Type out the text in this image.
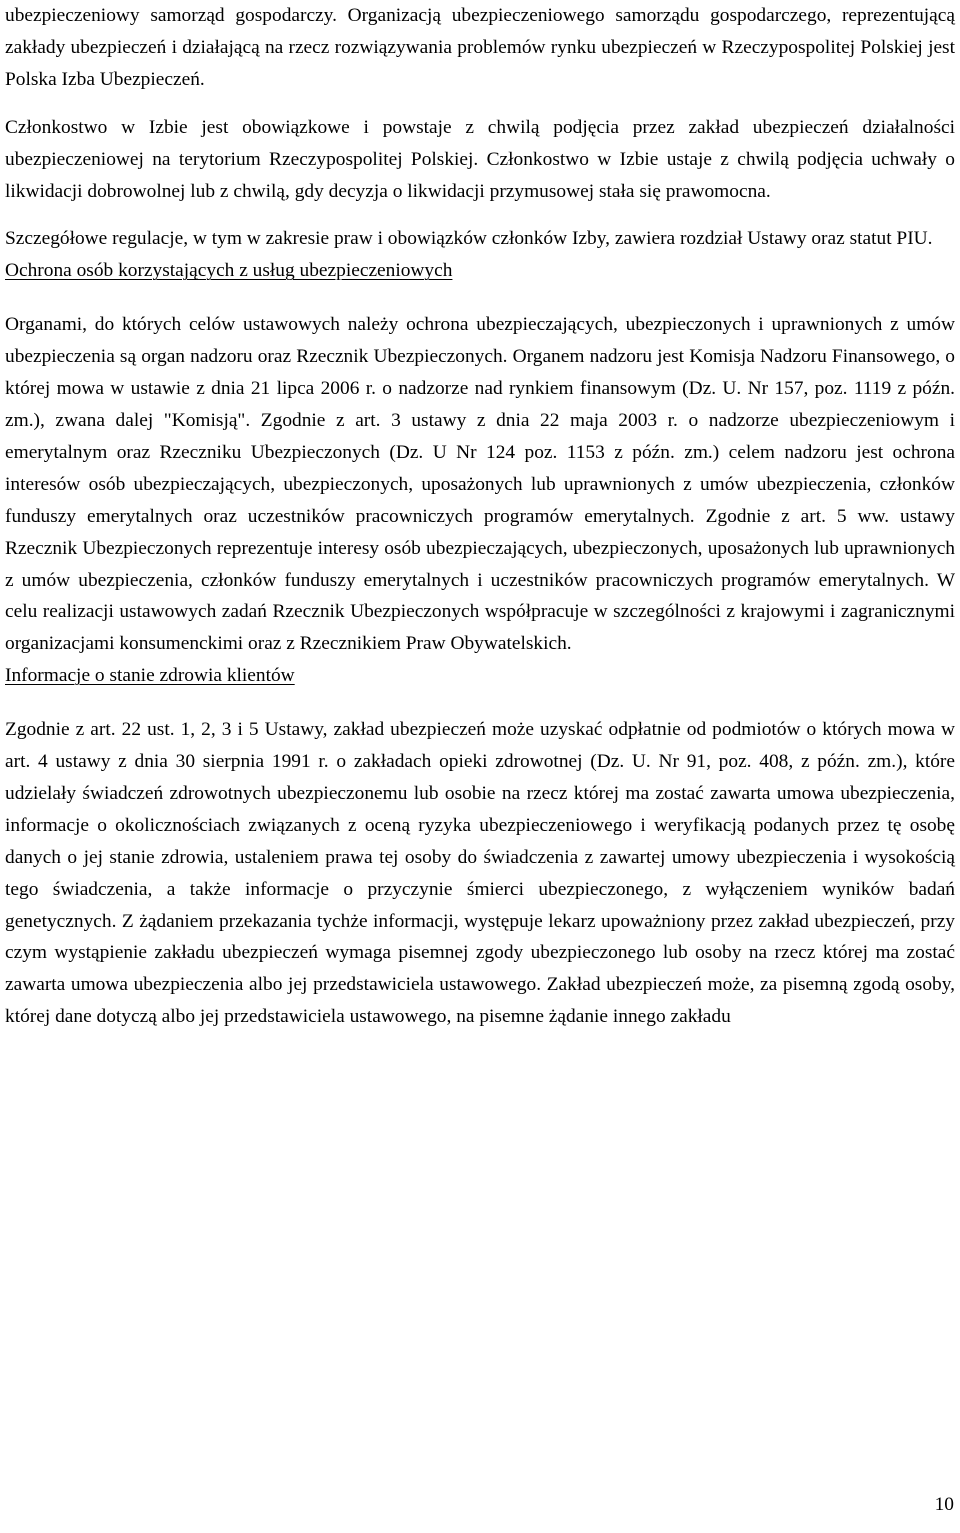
ubezpieczeniowy samorząd gospodarczy. Organizacją ubezpieczeniowego samorządu gospodarczego, reprezentującą zakłady ubezpieczeń i działającą na rzecz rozwiązywania problemów rynku ubezpieczeń w Rzeczypospolitej Polskiej jest Polska Izba Ubezpieczeń.

Członkostwo w Izbie jest obowiązkowe i powstaje z chwilą podjęcia przez zakład ubezpieczeń działalności ubezpieczeniowej na terytorium Rzeczypospolitej Polskiej. Członkostwo w Izbie ustaje z chwilą podjęcia uchwały o likwidacji dobrowolnej lub z chwilą, gdy decyzja o likwidacji przymusowej stała się prawomocna.

Szczegółowe regulacje, w tym w zakresie praw i obowiązków członków Izby, zawiera rozdział Ustawy oraz statut PIU.

Ochrona osób korzystających z usług ubezpieczeniowych

Organami, do których celów ustawowych należy ochrona ubezpieczających, ubezpieczonych i uprawnionych z umów ubezpieczenia są organ nadzoru oraz Rzecznik Ubezpieczonych. Organem nadzoru jest Komisja Nadzoru Finansowego, o której mowa w ustawie z dnia 21 lipca 2006 r. o nadzorze nad rynkiem finansowym (Dz. U. Nr 157, poz. 1119 z późn. zm.), zwana dalej "Komisją". Zgodnie z art. 3 ustawy z dnia 22 maja 2003 r. o nadzorze ubezpieczeniowym i emerytalnym oraz Rzeczniku Ubezpieczonych (Dz. U Nr 124 poz. 1153 z późn. zm.) celem nadzoru jest ochrona interesów osób ubezpieczających, ubezpieczonych, uposażonych lub uprawnionych z umów ubezpieczenia, członków funduszy emerytalnych oraz uczestników pracowniczych programów emerytalnych. Zgodnie z art. 5 ww. ustawy Rzecznik Ubezpieczonych reprezentuje interesy osób ubezpieczających, ubezpieczonych, uposażonych lub uprawnionych z umów ubezpieczenia, członków funduszy emerytalnych i uczestników pracowniczych programów emerytalnych. W celu realizacji ustawowych zadań Rzecznik Ubezpieczonych współpracuje w szczególności z krajowymi i zagranicznymi organizacjami konsumenckimi oraz z Rzecznikiem Praw Obywatelskich.

Informacje o stanie zdrowia klientów

Zgodnie z art. 22 ust. 1, 2, 3 i 5 Ustawy, zakład ubezpieczeń może uzyskać odpłatnie od podmiotów o których mowa w art. 4 ustawy z dnia 30 sierpnia 1991 r. o zakładach opieki zdrowotnej (Dz. U. Nr 91, poz. 408, z późn. zm.), które udzielały świadczeń zdrowotnych ubezpieczonemu lub osobie na rzecz której ma zostać zawarta umowa ubezpieczenia, informacje o okolicznościach związanych z oceną ryzyka ubezpieczeniowego i weryfikacją podanych przez tę osobę danych o jej stanie zdrowia, ustaleniem prawa tej osoby do świadczenia z zawartej umowy ubezpieczenia i wysokością tego świadczenia, a także informacje o przyczynie śmierci ubezpieczonego, z wyłączeniem wyników badań genetycznych. Z żądaniem przekazania tychże informacji, występuje lekarz upoważniony przez zakład ubezpieczeń, przy czym wystąpienie zakładu ubezpieczeń wymaga pisemnej zgody ubezpieczonego lub osoby na rzecz której ma zostać zawarta umowa ubezpieczenia albo jej przedstawiciela ustawowego. Zakład ubezpieczeń może, za pisemną zgodą osoby, której dane dotyczą albo jej przedstawiciela ustawowego, na pisemne żądanie innego zakładu

10
